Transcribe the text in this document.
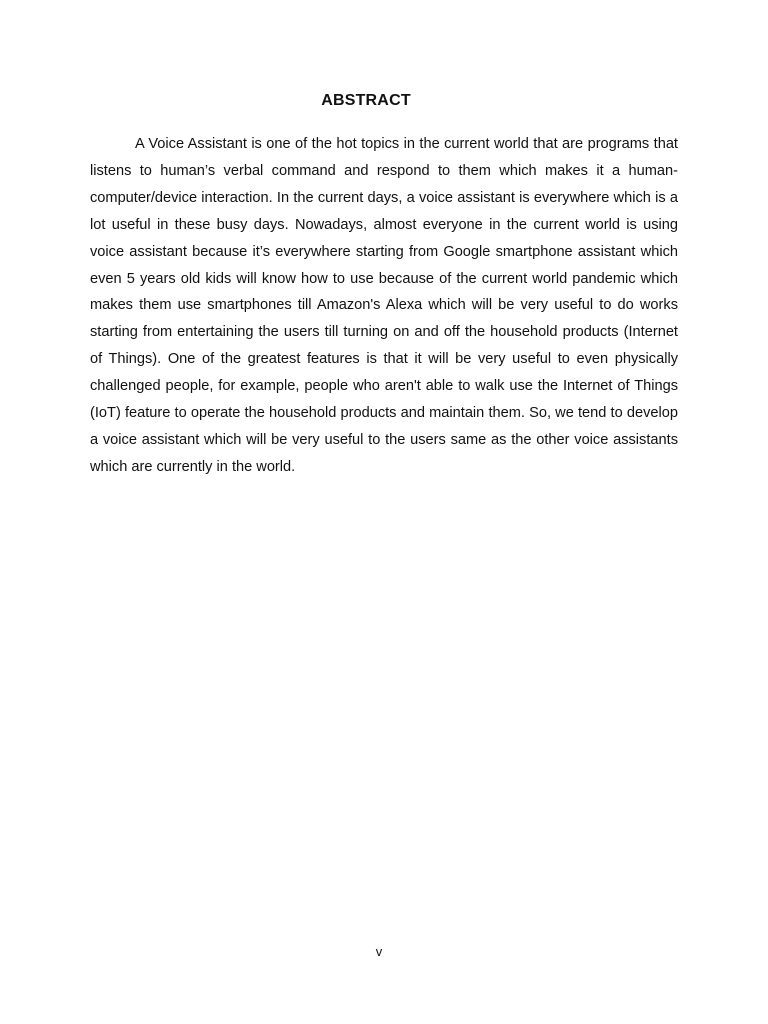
ABSTRACT

A Voice Assistant is one of the hot topics in the current world that are programs that listens to human’s verbal command and respond to them which makes it a human-computer/device interaction. In the current days, a voice assistant is everywhere which is a lot useful in these busy days. Nowadays, almost everyone in the current world is using voice assistant because it’s everywhere starting from Google smartphone assistant which even 5 years old kids will know how to use because of the current world pandemic which makes them use smartphones till Amazon's Alexa which will be very useful to do works starting from entertaining the users till turning on and off the household products (Internet of Things). One of the greatest features is that it will be very useful to even physically challenged people, for example, people who aren't able to walk use the Internet of Things (IoT) feature to operate the household products and maintain them. So, we tend to develop a voice assistant which will be very useful to the users same as the other voice assistants which are currently in the world.

v
